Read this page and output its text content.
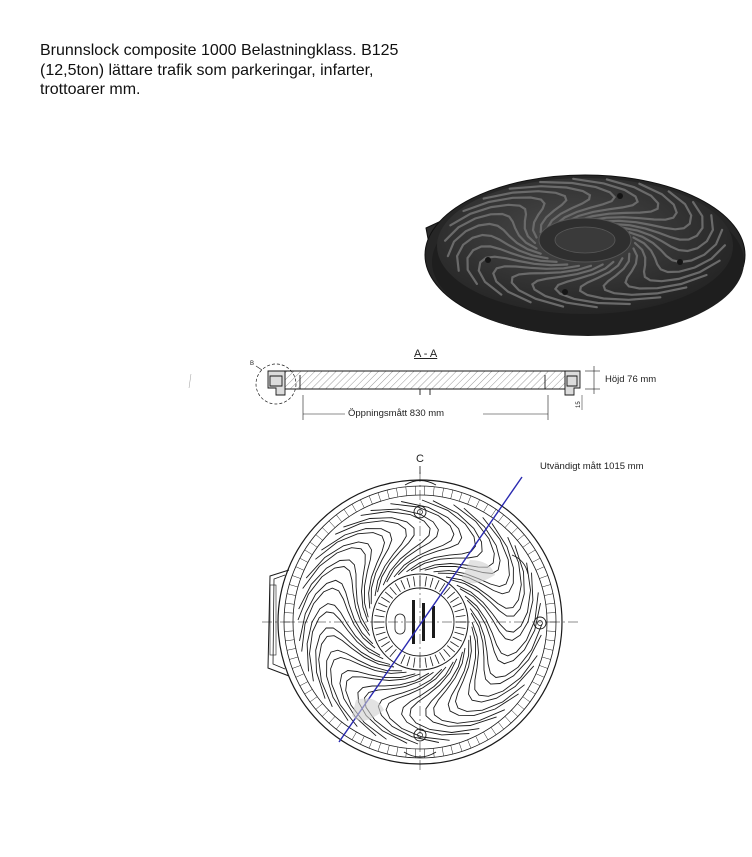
Brunnslock composite 1000 Belastningklass. B125
(12,5ton) lättare trafik som parkeringar, infarter,
trottoarer mm.

A - A
Höjd 76 mm
Öppningsmått 830 mm
B
15
C
Utvändigt mått 1015 mm
